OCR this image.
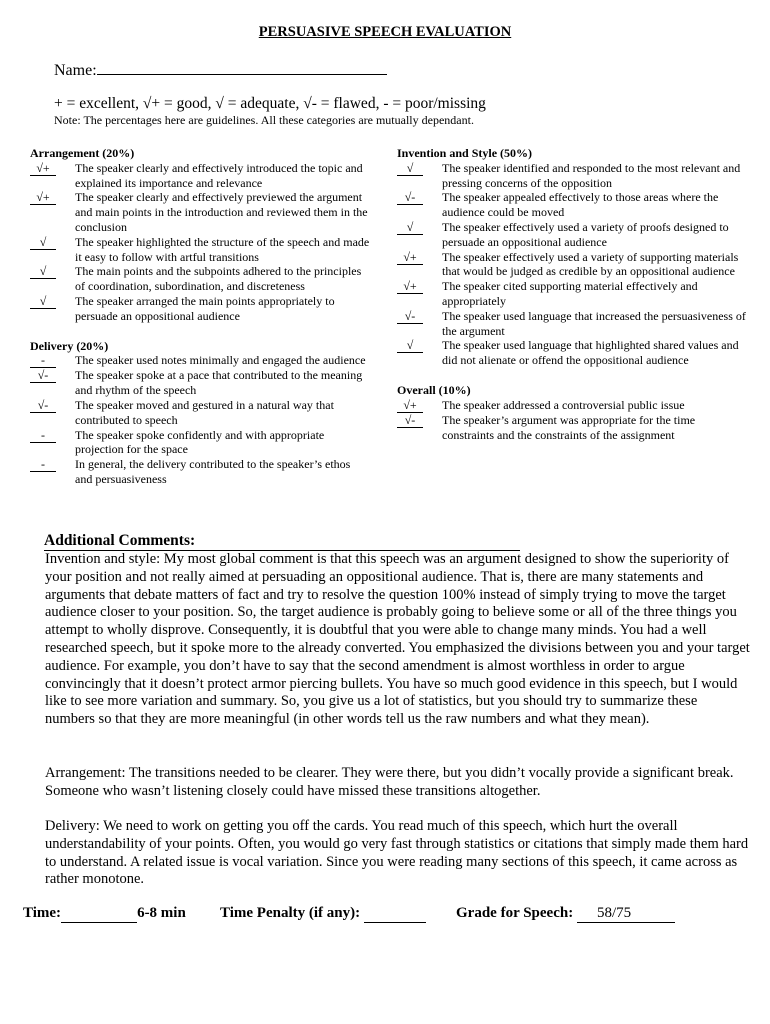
PERSUASIVE SPEECH EVALUATION
Name:
+ = excellent, √+ = good, √ = adequate, √- = flawed, - = poor/missing
Note: The percentages here are guidelines. All these categories are mutually dependant.
Arrangement (20%)
√+	The speaker clearly and effectively introduced the topic and explained its importance and relevance
√+	The speaker clearly and effectively previewed the argument and main points in the introduction and reviewed them in the conclusion
√	The speaker highlighted the structure of the speech and made it easy to follow with artful transitions
√	The main points and the subpoints adhered to the principles of coordination, subordination, and discreteness
√	The speaker arranged the main points appropriately to persuade an oppositional audience
Delivery (20%)
-	The speaker used notes minimally and engaged the audience
√-	The speaker spoke at a pace that contributed to the meaning and rhythm of the speech
√-	The speaker moved and gestured in a natural way that contributed to speech
-	The speaker spoke confidently and with appropriate projection for the space
-	In general, the delivery contributed to the speaker’s ethos and persuasiveness
Invention and Style (50%)
√	The speaker identified and responded to the most relevant and pressing concerns of the opposition
√-	The speaker appealed effectively to those areas where the audience could be moved
√	The speaker effectively used a variety of proofs designed to persuade an oppositional audience
√+	The speaker effectively used a variety of supporting materials that would be judged as credible by an oppositional audience
√+	The speaker cited supporting material effectively and appropriately
√-	The speaker used language that increased the persuasiveness of the argument
√	The speaker used language that highlighted shared values and did not alienate or offend the oppositional audience
Overall (10%)
√+	The speaker addressed a controversial public issue
√-	The speaker’s argument was appropriate for the time constraints and the constraints of the assignment
Additional Comments:
Invention and style: My most global comment is that this speech was an argument designed to show the superiority of your position and not really aimed at persuading an oppositional audience. That is, there are many statements and arguments that debate matters of fact and try to resolve the question 100% instead of simply trying to move the target audience closer to your position. So, the target audience is probably going to believe some or all of the three things you attempt to wholly disprove. Consequently, it is doubtful that you were able to change many minds. You had a well researched speech, but it spoke more to the already converted. You emphasized the divisions between you and your target audience. For example, you don’t have to say that the second amendment is almost worthless in order to argue convincingly that it doesn’t protect armor piercing bullets. You have so much good evidence in this speech, but I would like to see more variation and summary. So, you give us a lot of statistics, but you should try to summarize these numbers so that they are more meaningful (in other words tell us the raw numbers and what they mean).
Arrangement: The transitions needed to be clearer. They were there, but you didn’t vocally provide a significant break. Someone who wasn’t listening closely could have missed these transitions altogether.
Delivery: We need to work on getting you off the cards. You read much of this speech, which hurt the overall understandability of your points. Often, you would go very fast through statistics or citations that simply made them hard to understand. A related issue is vocal variation. Since you were reading many sections of this speech, it came across as rather monotone.
Time:	6-8 min Time Penalty (if any):	Grade for Speech: 58/75
